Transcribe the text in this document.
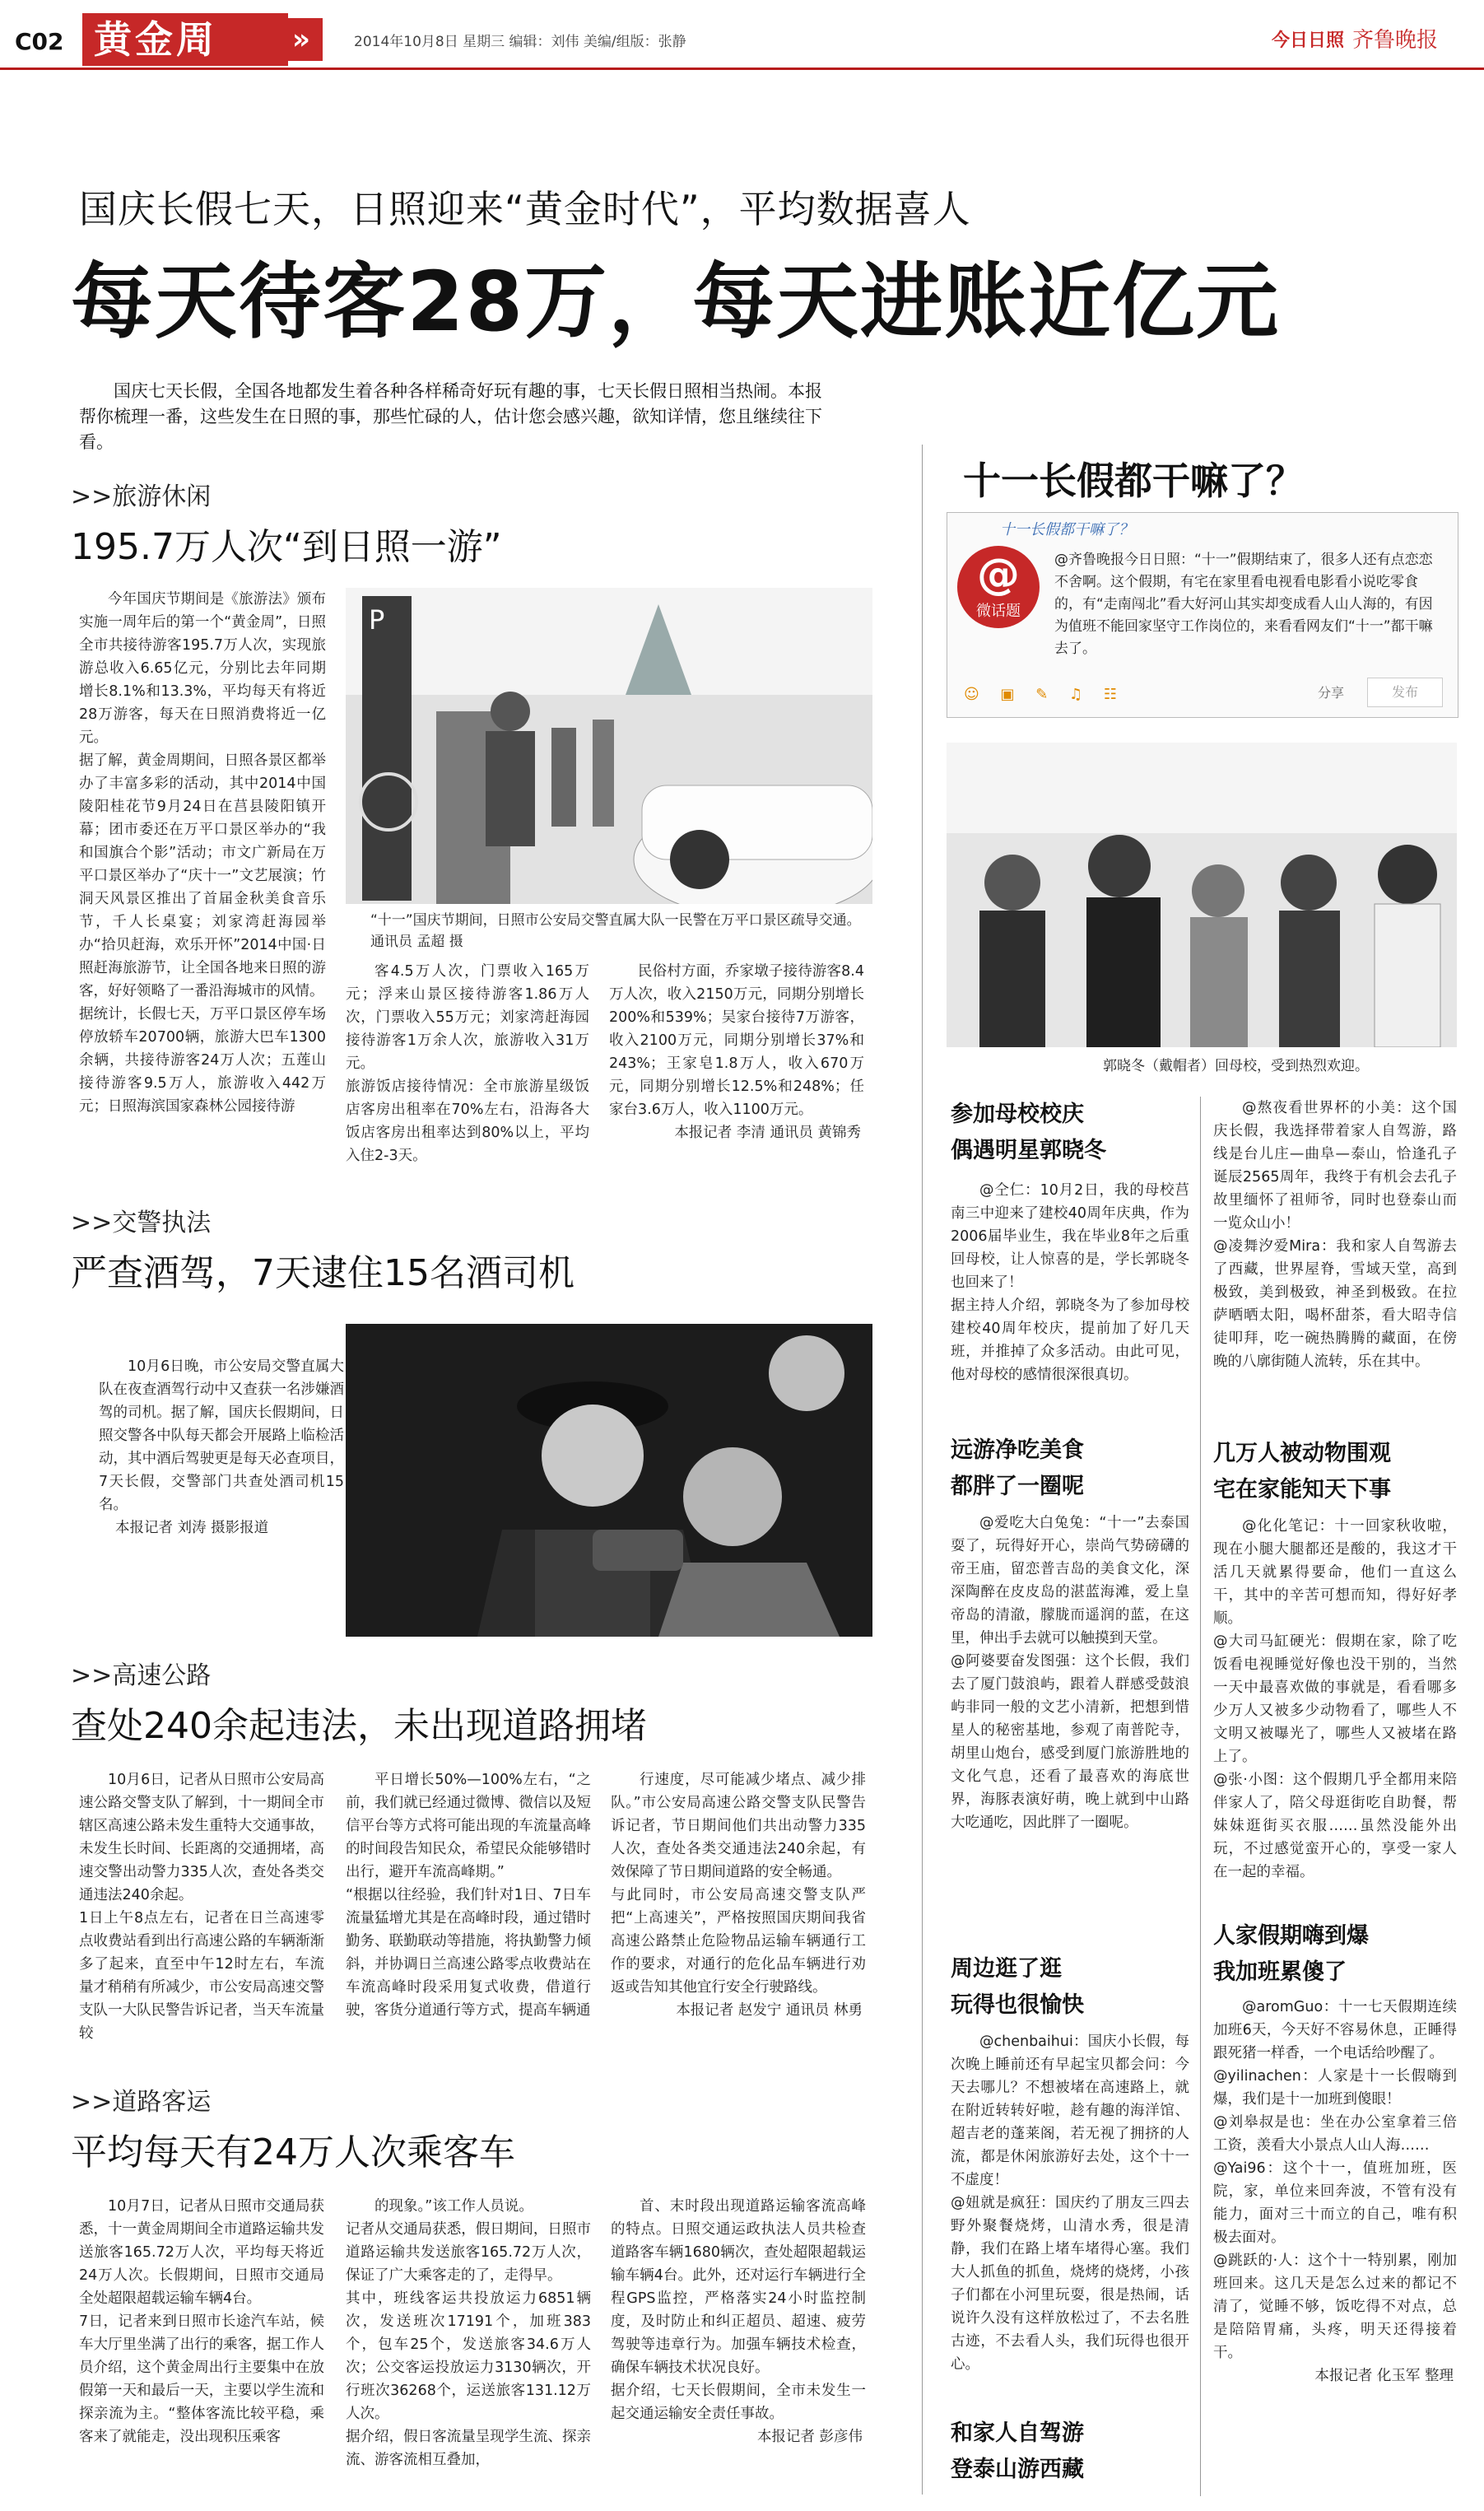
C02 黄金周	»	2014年10月8日 星期三 编辑：刘伟 美编/组版：张静	今日日照 齐鲁晚报
国庆长假七天，日照迎来“黄金时代”，平均数据喜人
每天待客28万，每天进账近亿元
国庆七天长假，全国各地都发生着各种各样稀奇好玩有趣的事，七天长假日照相当热闹。本报帮你梳理一番，这些发生在日照的事，那些忙碌的人，估计您会感兴趣，欲知详情，您且继续往下看。
>>旅游休闲
195.7万人次“到日照一游”
今年国庆节期间是《旅游法》颁布实施一周年后的第一个“黄金周”，日照全市共接待游客195.7万人次，实现旅游总收入6.65亿元，分别比去年同期增长8.1%和13.3%，平均每天有将近28万游客，每天在日照消费将近一亿元。
据了解，黄金周期间，日照各景区都举办了丰富多彩的活动，其中2014中国陵阳桂花节9月24日在莒县陵阳镇开幕；团市委还在万平口景区举办的“我和国旗合个影”活动；市文广新局在万平口景区举办了“庆十一”文艺展演；竹洞天风景区推出了首届金秋美食音乐节，千人长桌宴；刘家湾赶海园举办“拾贝赶海，欢乐开怀”2014中国·日照赶海旅游节，让全国各地来日照的游客，好好领略了一番沿海城市的风情。
据统计，长假七天，万平口景区停车场停放轿车20700辆，旅游大巴车1300余辆，共接待游客24万人次；五莲山接待游客9.5万人，旅游收入442万元；日照海滨国家森林公园接待游
P
“十一”国庆节期间，日照市公安局交警直属大队一民警在万平口景区疏导交通。 通讯员 孟超 摄
客4.5万人次，门票收入165万元；浮来山景区接待游客1.86万人次，门票收入55万元；刘家湾赶海园接待游客1万余人次，旅游收入31万元。
旅游饭店接待情况：全市旅游星级饭店客房出租率在70%左右，沿海各大饭店客房出租率达到80%以上，平均入住2-3天。
民俗村方面，乔家墩子接待游客8.4万人次，收入2150万元，同期分别增长200%和539%；吴家台接待7万游客，收入2100万元，同期分别增长37%和243%；王家皂1.8万人，收入670万元，同期分别增长12.5%和248%；任家台3.6万人，收入1100万元。
本报记者 李清 通讯员 黄锦秀
>>交警执法
严查酒驾，7天逮住15名酒司机
10月6日晚，市公安局交警直属大队在夜查酒驾行动中又查获一名涉嫌酒驾的司机。据了解，国庆长假期间，日照交警各中队每天都会开展路上临检活动，其中酒后驾驶更是每天必查项目，7天长假，交警部门共查处酒司机15名。
本报记者 刘涛 摄影报道
>>高速公路
查处240余起违法，未出现道路拥堵
10月6日，记者从日照市公安局高速公路交警支队了解到，十一期间全市辖区高速公路未发生重特大交通事故，未发生长时间、长距离的交通拥堵，高速交警出动警力335人次，查处各类交通违法240余起。
1日上午8点左右，记者在日兰高速零点收费站看到出行高速公路的车辆渐渐多了起来，直至中午12时左右，车流量才稍稍有所减少，市公安局高速交警支队一大队民警告诉记者，当天车流量较
平日增长50%—100%左右，“之前，我们就已经通过微博、微信以及短信平台等方式将可能出现的车流量高峰的时间段告知民众，希望民众能够错时出行，避开车流高峰期。”
“根据以往经验，我们针对1日、7日车流量猛增尤其是在高峰时段，通过错时勤务、联勤联动等措施，将执勤警力倾斜，并协调日兰高速公路零点收费站在车流高峰时段采用复式收费，借道行驶，客货分道通行等方式，提高车辆通
行速度，尽可能减少堵点、减少排队。”市公安局高速公路交警支队民警告诉记者，节日期间他们共出动警力335人次，查处各类交通违法240余起，有效保障了节日期间道路的安全畅通。
与此同时，市公安局高速交警支队严把“上高速关”，严格按照国庆期间我省高速公路禁止危险物品运输车辆通行工作的要求，对通行的危化品车辆进行劝返或告知其他宜行安全行驶路线。
本报记者 赵发宁 通讯员 林勇
>>道路客运
平均每天有24万人次乘客车
10月7日，记者从日照市交通局获悉，十一黄金周期间全市道路运输共发送旅客165.72万人次，平均每天将近24万人次。长假期间，日照市交通局全处超限超载运输车辆4台。
7日，记者来到日照市长途汽车站，候车大厅里坐满了出行的乘客，据工作人员介绍，这个黄金周出行主要集中在放假第一天和最后一天，主要以学生流和探亲流为主。“整体客流比较平稳，乘客来了就能走，没出现积压乘客
的现象。”该工作人员说。
记者从交通局获悉，假日期间，日照市道路运输共发送旅客165.72万人次，保证了广大乘客走的了，走得早。
其中，班线客运共投放运力6851辆次，发送班次17191个，加班383个，包车25个，发送旅客34.6万人次；公交客运投放运力3130辆次，开行班次36268个，运送旅客131.12万人次。
据介绍，假日客流量呈现学生流、探亲流、游客流相互叠加，
首、末时段出现道路运输客流高峰的特点。日照交通运政执法人员共检查道路客车辆1680辆次，查处超限超载运输车辆4台。此外，还对运行车辆进行全程GPS监控，严格落实24小时监控制度，及时防止和纠正超员、超速、疲劳驾驶等违章行为。加强车辆技术检查，确保车辆技术状况良好。
据介绍，七天长假期间，全市未发生一起交通运输安全责任事故。
本报记者 彭彦伟
十一长假都干嘛了？
@
微话题
十一长假都干嘛了？
@齐鲁晚报今日日照：“十一”假期结束了，很多人还有点恋恋不舍啊。这个假期，有宅在家里看电视看电影看小说吃零食的，有“走南闯北”看大好河山其实却变成看人山人海的，有因为值班不能回家坚守工作岗位的，来看看网友们“十一”都干嘛去了。
☺ ▣ ✎ ♫ ☷	分享	发布
郭晓冬（戴帽者）回母校，受到热烈欢迎。
参加母校校庆
偶遇明星郭晓冬
@仝仁：10月2日，我的母校莒南三中迎来了建校40周年庆典，作为2006届毕业生，我在毕业8年之后重回母校，让人惊喜的是，学长郭晓冬也回来了！
据主持人介绍，郭晓冬为了参加母校建校40周年校庆，提前加了好几天班，并推掉了众多活动。由此可见，他对母校的感情很深很真切。
远游净吃美食
都胖了一圈呢
@爱吃大白兔兔：“十一”去泰国耍了，玩得好开心，崇尚气势磅礴的帝王庙，留恋普吉岛的美食文化，深深陶醉在皮皮岛的湛蓝海滩，爱上皇帝岛的清澈，朦胧而遥润的蓝，在这里，伸出手去就可以触摸到天堂。
@阿婆要奋发图强：这个长假，我们去了厦门鼓浪屿，跟着人群感受鼓浪屿非同一般的文艺小清新，把想到惜星人的秘密基地，参观了南普陀寺，胡里山炮台，感受到厦门旅游胜地的文化气息，还看了最喜欢的海底世界，海豚表演好萌，晚上就到中山路大吃通吃，因此胖了一圈呢。
周边逛了逛
玩得也很愉快
@chenbaihui：国庆小长假，每次晚上睡前还有早起宝贝都会问：今天去哪儿？不想被堵在高速路上，就在附近转转好啦，趁有趣的海洋馆、超吉老的蓬莱阁，若无视了拥挤的人流，都是休闲旅游好去处，这个十一不虚度！
@妞就是疯狂：国庆约了朋友三四去野外聚餐烧烤，山清水秀，很是清静，我们在路上堵车堵得心塞。我们大人抓鱼的抓鱼，烧烤的烧烤，小孩子们都在小河里玩耍，很是热闹，话说许久没有这样放松过了，不去名胜古迹，不去看人头，我们玩得也很开心。
和家人自驾游
登泰山游西藏
@熬夜看世界杯的小美：这个国庆长假，我选择带着家人自驾游，路线是台儿庄—曲阜—泰山，恰逢孔子诞辰2565周年，我终于有机会去孔子故里缅怀了祖师爷，同时也登泰山而一览众山小！
@凌舞汐爱Mira：我和家人自驾游去了西藏，世界屋脊，雪域天堂，高到极致，美到极致，神圣到极致。在拉萨晒晒太阳，喝杯甜茶，看大昭寺信徒叩拜，吃一碗热腾腾的藏面，在傍晚的八廓街随人流转，乐在其中。
几万人被动物围观
宅在家能知天下事
@化化笔记：十一回家秋收啦，现在小腿大腿都还是酸的，我这才干活几天就累得要命，他们一直这么干，其中的辛苦可想而知，得好好孝顺。
@大司马缸硬光：假期在家，除了吃饭看电视睡觉好像也没干别的，当然一天中最喜欢做的事就是，看看哪多少万人又被多少动物看了，哪些人不文明又被曝光了，哪些人又被堵在路上了。
@张·小图：这个假期几乎全都用来陪伴家人了，陪父母逛街吃自助餐，帮妹妹逛街买衣服……虽然没能外出玩，不过感觉蛮开心的，享受一家人在一起的幸福。
人家假期嗨到爆
我加班累傻了
@aromGuo：十一七天假期连续加班6天，今天好不容易休息，正睡得跟死猪一样香，一个电话给吵醒了。
@yilinachen：人家是十一长假嗨到爆，我们是十一加班到傻眼！
@刘皋叔是也：坐在办公室拿着三倍工资，羡看大小景点人山人海……
@Yai96：这个十一，值班加班，医院，家，单位来回奔波，不管有没有能力，面对三十而立的自己，唯有积极去面对。
@跳跃的·人：这个十一特别累，刚加班回来。这几天是怎么过来的都记不清了，觉睡不够，饭吃得不对点，总是陪陪胃痛，头疼，明天还得接着干。
本报记者 化玉军 整理
